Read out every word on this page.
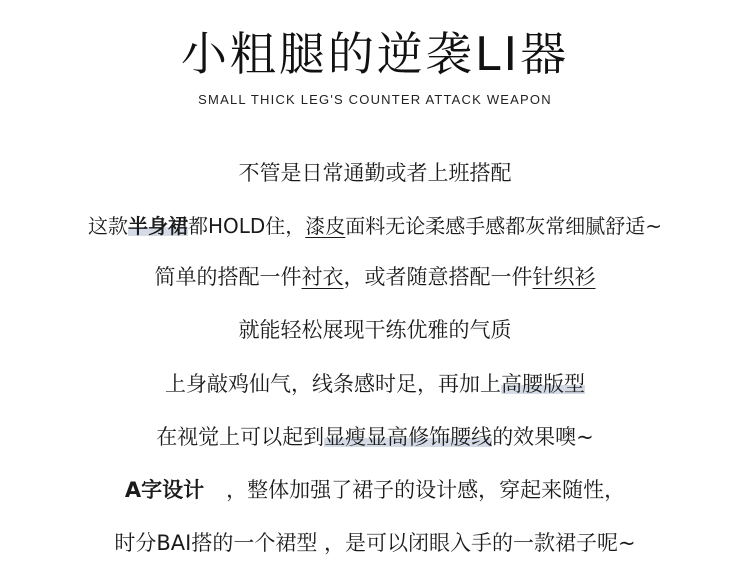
小粗腿的逆袭LI器
SMALL THICK LEG'S COUNTER ATTACK WEAPON
不管是日常通勤或者上班搭配
这款半身裙都HOLD住，漆皮面料无论柔感手感都灰常细腻舒适~
简单的搭配一件衬衣，或者随意搭配一件针织衫
就能轻松展现干练优雅的气质
上身敲鸡仙气，线条感时足，再加上高腰版型
在视觉上可以起到显瘦显高修饰腰线的效果噢~
A字设计 ，整体加强了裙子的设计感，穿起来随性，
时分BAI搭的一个裙型 ，是可以闭眼入手的一款裙子呢~
